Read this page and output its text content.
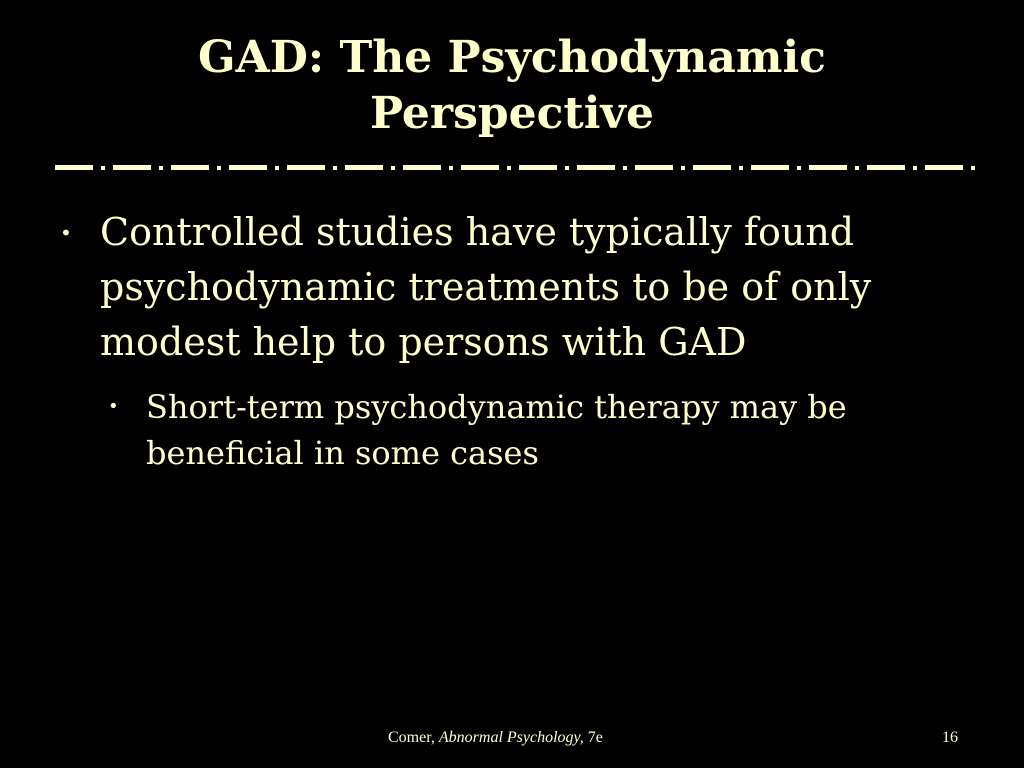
GAD: The Psychodynamic
Perspective
• Controlled studies have typically found psychodynamic treatments to be of only modest help to persons with GAD
• Short-term psychodynamic therapy may be beneficial in some cases
Comer, Abnormal Psychology, 7e	16
